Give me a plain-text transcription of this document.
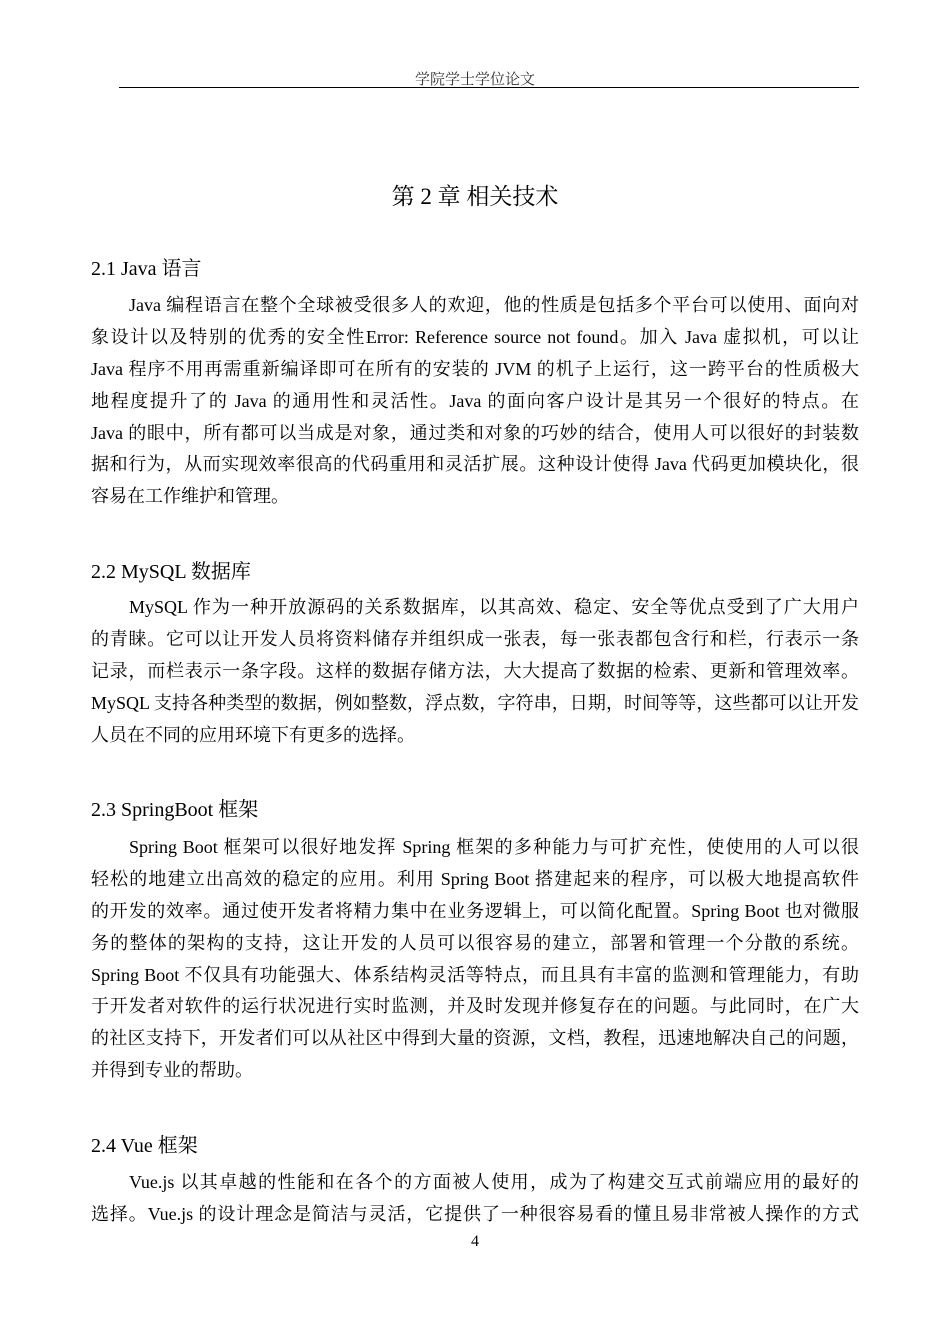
学院学士学位论文
第 2 章 相关技术
2.1 Java 语言
Java 编程语言在整个全球被受很多人的欢迎，他的性质是包括多个平台可以使用、面向对
象设计以及特别的优秀的安全性Error: Reference source not found。加入 Java 虚拟机，可以让
Java 程序不用再需重新编译即可在所有的安装的 JVM 的机子上运行，这一跨平台的性质极大
地程度提升了的 Java 的通用性和灵活性。Java 的面向客户设计是其另一个很好的特点。在
Java 的眼中，所有都可以当成是对象，通过类和对象的巧妙的结合，使用人可以很好的封装数
据和行为，从而实现效率很高的代码重用和灵活扩展。这种设计使得 Java 代码更加模块化，很
容易在工作维护和管理。
2.2 MySQL 数据库
MySQL 作为一种开放源码的关系数据库，以其高效、稳定、安全等优点受到了广大用户
的青睐。它可以让开发人员将资料储存并组织成一张表，每一张表都包含行和栏，行表示一条
记录，而栏表示一条字段。这样的数据存储方法，大大提高了数据的检索、更新和管理效率。
MySQL 支持各种类型的数据，例如整数，浮点数，字符串，日期，时间等等，这些都可以让开发
人员在不同的应用环境下有更多的选择。
2.3 SpringBoot 框架
Spring Boot 框架可以很好地发挥 Spring 框架的多种能力与可扩充性，使使用的人可以很
轻松的地建立出高效的稳定的应用。利用 Spring Boot 搭建起来的程序，可以极大地提高软件
的开发的效率。通过使开发者将精力集中在业务逻辑上，可以简化配置。Spring Boot 也对微服
务的整体的架构的支持，这让开发的人员可以很容易的建立，部署和管理一个分散的系统。
Spring Boot 不仅具有功能强大、体系结构灵活等特点，而且具有丰富的监测和管理能力，有助
于开发者对软件的运行状况进行实时监测，并及时发现并修复存在的问题。与此同时，在广大
的社区支持下，开发者们可以从社区中得到大量的资源，文档，教程，迅速地解决自己的问题，
并得到专业的帮助。
2.4 Vue 框架
Vue.js 以其卓越的性能和在各个的方面被人使用，成为了构建交互式前端应用的最好的
选择。Vue.js 的设计理念是简洁与灵活，它提供了一种很容易看的懂且易非常被人操作的方式
4
